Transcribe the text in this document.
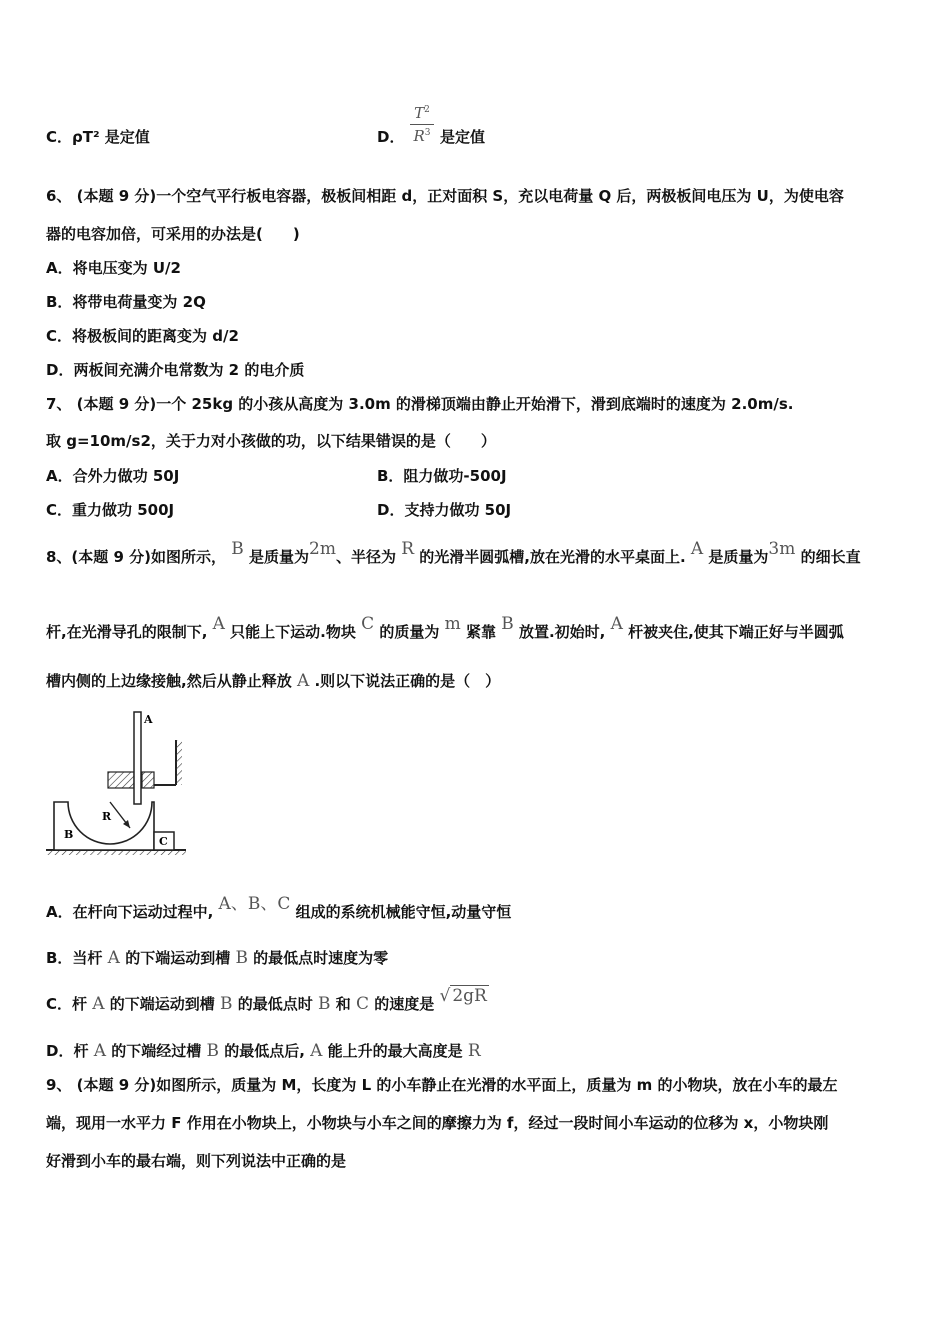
C．ρT² 是定值	D．
$T^2$
$R^3$ 是定值
6、 (本题 9 分)一个空气平行板电容器，极板间相距 d，正对面积 S，充以电荷量 Q 后，两极板间电压为 U，为使电容
器的电容加倍，可采用的办法是(　　)
A．将电压变为 U/2
B．将带电荷量变为 2Q
C．将极板间的距离变为 d/2
D．两板间充满介电常数为 2 的电介质
7、 (本题 9 分)一个 25kg 的小孩从高度为 3.0m 的滑梯顶端由静止开始滑下，滑到底端时的速度为 2.0m/s.
取 g=10m/s2，关于力对小孩做的功，以下结果错误的是（　　）
A．合外力做功 50J	B．阻力做功-500J
C．重力做功 500J	D．支持力做功 50J
8、(本题 9 分)如图所示， B 是质量为2m、半径为 R 的光滑半圆弧槽,放在光滑的水平桌面上. A 是质量为3m 的细长直
杆,在光滑导孔的限制下, A 只能上下运动.物块 C 的质量为 m 紧靠 B 放置.初始时, A 杆被夹住,使其下端正好与半圆弧
槽内侧的上边缘接触,然后从静止释放 A .则以下说法正确的是（　）
A
R
B
C
A．在杆向下运动过程中, A、B、C 组成的系统机械能守恒,动量守恒
B．当杆 A 的下端运动到槽 B 的最低点时速度为零
C．杆 A 的下端运动到槽 B 的最低点时 B 和 C 的速度是 √ 2gR
D．杆 A 的下端经过槽 B 的最低点后, A 能上升的最大高度是 R
9、 (本题 9 分)如图所示，质量为 M，长度为 L 的小车静止在光滑的水平面上，质量为 m 的小物块，放在小车的最左
端，现用一水平力 F 作用在小物块上，小物块与小车之间的摩擦力为 f，经过一段时间小车运动的位移为 x，小物块刚
好滑到小车的最右端，则下列说法中正确的是
